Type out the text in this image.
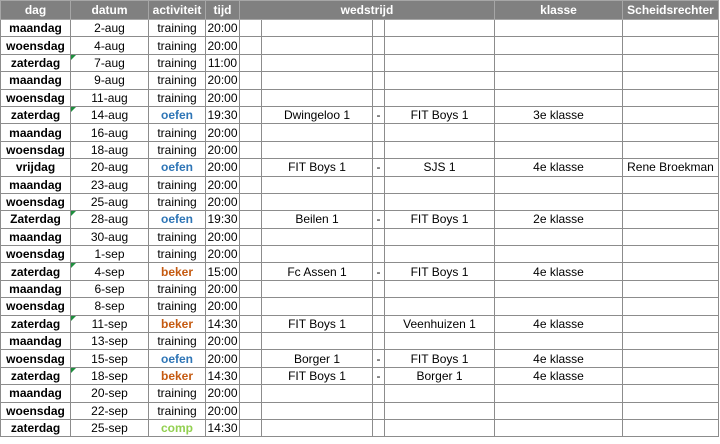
dag	datum	activiteit	tijd	wedstrijd				klasse	Scheidsrechter
maandag	2-aug	training	20:00						
woensdag	4-aug	training	20:00						
zaterdag	7-aug	training	11:00						
maandag	9-aug	training	20:00						
woensdag	11-aug	training	20:00						
zaterdag	14-aug	oefen	19:30		Dwingeloo 1	-	FIT Boys 1	3e klasse	
maandag	16-aug	training	20:00						
woensdag	18-aug	training	20:00						
vrijdag	20-aug	oefen	20:00		FIT Boys 1	-	SJS 1	4e klasse	Rene Broekman
maandag	23-aug	training	20:00						
woensdag	25-aug	training	20:00						
Zaterdag	28-aug	oefen	19:30		Beilen 1	-	FIT Boys 1	2e klasse	
maandag	30-aug	training	20:00						
woensdag	1-sep	training	20:00						
zaterdag	4-sep	beker	15:00		Fc Assen 1	-	FIT Boys 1	4e klasse	
maandag	6-sep	training	20:00						
woensdag	8-sep	training	20:00						
zaterdag	11-sep	beker	14:30		FIT Boys 1		Veenhuizen 1	4e klasse	
maandag	13-sep	training	20:00						
woensdag	15-sep	oefen	20:00		Borger 1	-	FIT Boys 1	4e klasse	
zaterdag	18-sep	beker	14:30		FIT Boys 1	-	Borger 1	4e klasse	
maandag	20-sep	training	20:00						
woensdag	22-sep	training	20:00						
zaterdag	25-sep	comp	14:30						
